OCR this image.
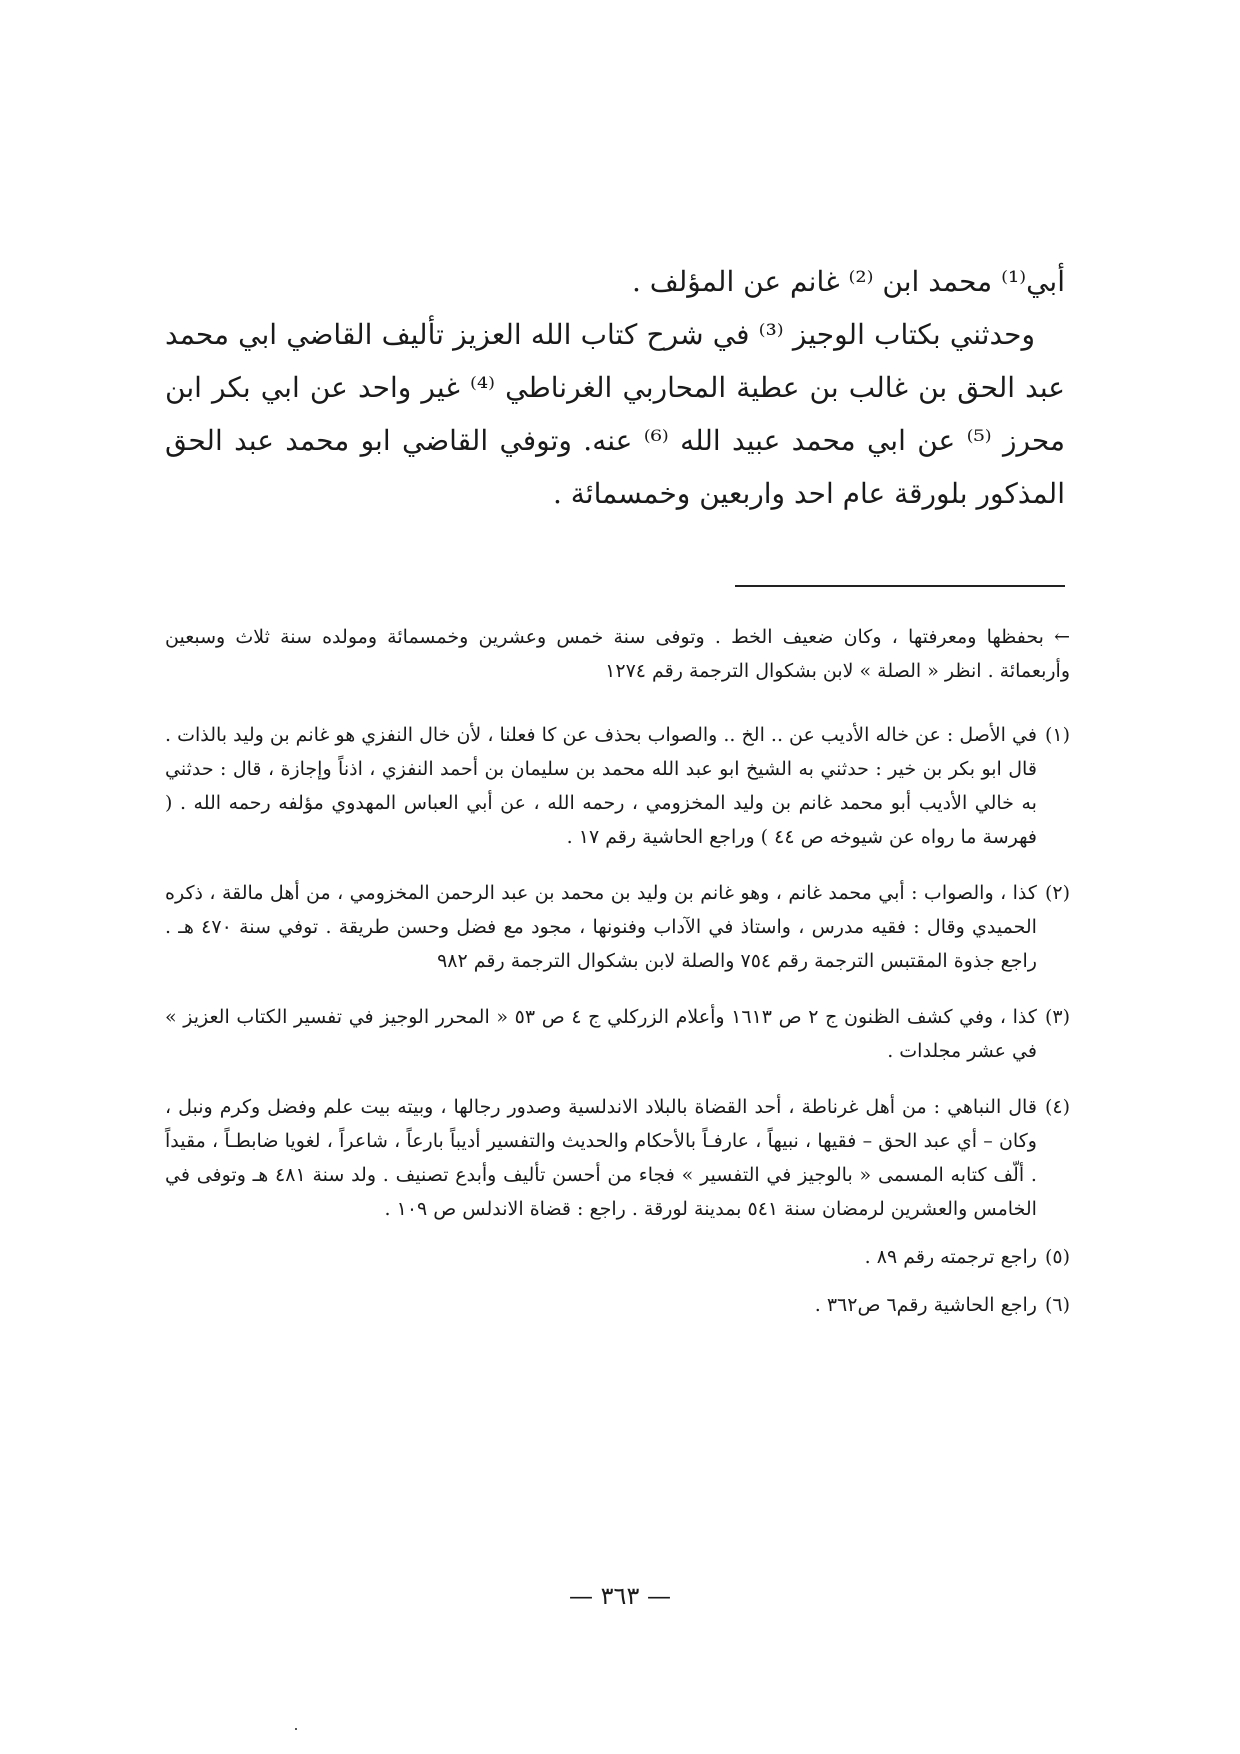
أبي⁽¹⁾ محمد ابن ⁽²⁾ غانم عن المؤلف .

وحدثني بكتاب الوجيز ⁽³⁾ في شرح كتاب الله العزيز تأليف القاضي ابي محمد عبد الحق بن غالب بن عطية المحاربي الغرناطي ⁽⁴⁾ غير واحد عن ابي بكر ابن محرز ⁽⁵⁾ عن ابي محمد عبيد الله ⁽⁶⁾ عنه. وتوفي القاضي ابو محمد عبد الحق المذكور بلورقة عام احد واربعين وخمسمائة .

← بحفظها ومعرفتها ، وكان ضعيف الخط . وتوفى سنة خمس وعشرين وخمسمائة ومولده سنة ثلاث وسبعين وأربعمائة . انظر « الصلة » لابن بشكوال الترجمة رقم ١٢٧٤

(١)
في الأصل : عن خاله الأديب عن .. الخ .. والصواب بحذف عن كا فعلنا ، لأن خال النفزي هو غانم بن وليد بالذات . قال ابو بكر بن خير : حدثني به الشيخ ابو عبد الله محمد بن سليمان بن أحمد النفزي ، اذناً وإجازة ، قال : حدثني به خالي الأديب أبو محمد غانم بن وليد المخزومي ، رحمه الله ، عن أبي العباس المهدوي مؤلفه رحمه الله . ( فهرسة ما رواه عن شيوخه ص ٤٤ ) وراجع الحاشية رقم ١٧ .
(٢)
كذا ، والصواب : أبي محمد غانم ، وهو غانم بن وليد بن محمد بن عبد الرحمن المخزومي ، من أهل مالقة ، ذكره الحميدي وقال : فقيه مدرس ، واستاذ في الآداب وفنونها ، مجود مع فضل وحسن طريقة . توفي سنة ٤٧٠ هـ . راجع جذوة المقتبس الترجمة رقم ٧٥٤ والصلة لابن بشكوال الترجمة رقم ٩٨٢
(٣)
كذا ، وفي كشف الظنون ج ٢ ص ١٦١٣ وأعلام الزركلي ج ٤ ص ٥٣ « المحرر الوجيز في تفسير الكتاب العزيز » في عشر مجلدات .
(٤)
قال النباهي : من أهل غرناطة ، أحد القضاة بالبلاد الاندلسية وصدور رجالها ، وبيته بيت علم وفضل وكرم ونبل ، وكان – أي عبد الحق – فقيها ، نبيهاً ، عارفـاً بالأحكام والحديث والتفسير أديباً بارعاً ، شاعراً ، لغويا ضابطـاً ، مقيداً . ألّف كتابه المسمى « بالوجيز في التفسير » فجاء من أحسن تأليف وأبدع تصنيف . ولد سنة ٤٨١ هـ وتوفى في الخامس والعشرين لرمضان سنة ٥٤١ بمدينة لورقة . راجع : قضاة الاندلس ص ١٠٩ .
(٥)
راجع ترجمته رقم ٨٩ .
(٦)
راجع الحاشية رقم٦ ص٣٦٢ .
— ٣٦٣ —
